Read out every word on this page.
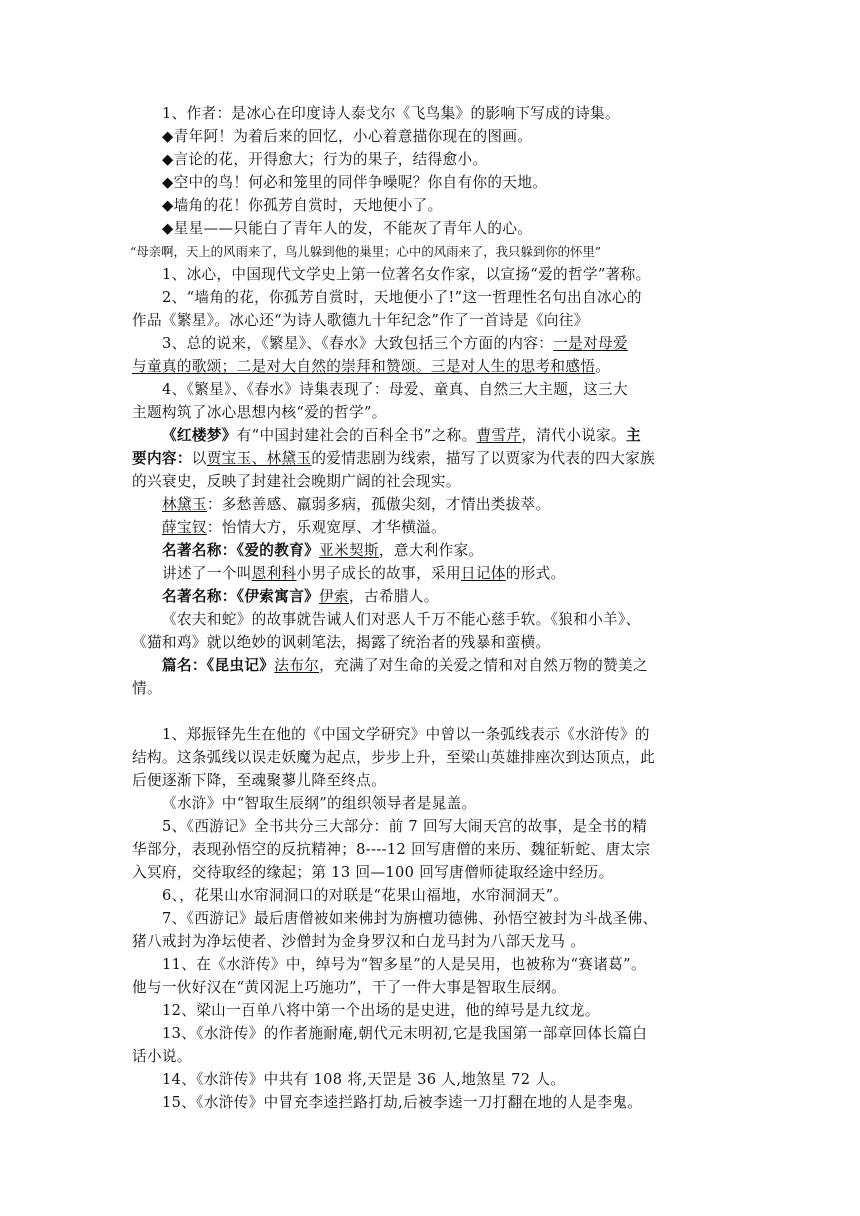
1、作者：是冰心在印度诗人泰戈尔《飞鸟集》的影响下写成的诗集。
◆青年阿！为着后来的回忆，小心着意描你现在的图画。
◆言论的花，开得愈大；行为的果子，结得愈小。
◆空中的鸟！何必和笼里的同伴争噪呢？你自有你的天地。
◆墙角的花！你孤芳自赏时，天地便小了。
◆星星——只能白了青年人的发，不能灰了青年人的心。
“母亲啊，天上的风雨来了，鸟儿躲到他的巢里；心中的风雨来了，我只躲到你的怀里”
1、冰心，中国现代文学史上第一位著名女作家，以宣扬“爱的哲学”著称。
2、“墙角的花，你孤芳自赏时，天地便小了!”这一哲理性名句出自冰心的
作品《繁星》。冰心还“为诗人歌德九十年纪念”作了一首诗是《向往》
3、总的说来，《繁星》、《春水》大致包括三个方面的内容：一是对母爱
与童真的歌颂；二是对大自然的崇拜和赞颂。三是对人生的思考和感悟。
4、《繁星》、《春水》诗集表现了：母爱、童真、自然三大主题，这三大
主题构筑了冰心思想内核“爱的哲学”。
《红楼梦》有“中国封建社会的百科全书”之称。曹雪芹，清代小说家。主
要内容：以贾宝玉、林黛玉的爱情悲剧为线索，描写了以贾家为代表的四大家族
的兴衰史，反映了封建社会晚期广阔的社会现实。
林黛玉：多愁善感、羸弱多病，孤傲尖刻，才情出类拔萃。
薛宝钗：怡情大方，乐观宽厚、才华横溢。
名著名称：《爱的教育》亚米契斯，意大利作家。
讲述了一个叫恩利科小男子成长的故事，采用日记体的形式。
名著名称：《伊索寓言》伊索，古希腊人。
《农夫和蛇》的故事就告诫人们对恶人千万不能心慈手软。《狼和小羊》、
《猫和鸡》就以绝妙的讽刺笔法，揭露了统治者的残暴和蛮横。
篇名：《昆虫记》法布尔，充满了对生命的关爱之情和对自然万物的赞美之
情。
1、郑振铎先生在他的《中国文学研究》中曾以一条弧线表示《水浒传》的
结构。这条弧线以误走妖魔为起点，步步上升，至梁山英雄排座次到达顶点，此
后便逐渐下降，至魂聚蓼儿降至终点。
《水浒》中“智取生辰纲”的组织领导者是晁盖。
5、《西游记》全书共分三大部分：前 7 回写大闹天宫的故事，是全书的精
华部分，表现孙悟空的反抗精神；8----12 回写唐僧的来历、魏征斩蛇、唐太宗
入冥府，交待取经的缘起；第 13 回—100 回写唐僧师徒取经途中经历。
6、，花果山水帘洞洞口的对联是“花果山福地，水帘洞洞天”。
7、《西游记》最后唐僧被如来佛封为旃檀功德佛、孙悟空被封为斗战圣佛、
猪八戒封为净坛使者、沙僧封为金身罗汉和白龙马封为八部天龙马 。
11、在《水浒传》中，绰号为“智多星”的人是吴用，也被称为“赛诸葛”。
他与一伙好汉在“黄冈泥上巧施功”，干了一件大事是智取生辰纲。
12、梁山一百单八将中第一个出场的是史进，他的绰号是九纹龙。
13、《水浒传》的作者施耐庵,朝代元末明初,它是我国第一部章回体长篇白
话小说。
14、《水浒传》中共有 108 将,天罡是 36 人,地煞星 72 人。
15、《水浒传》中冒充李逵拦路打劫,后被李逵一刀打翻在地的人是李鬼。
